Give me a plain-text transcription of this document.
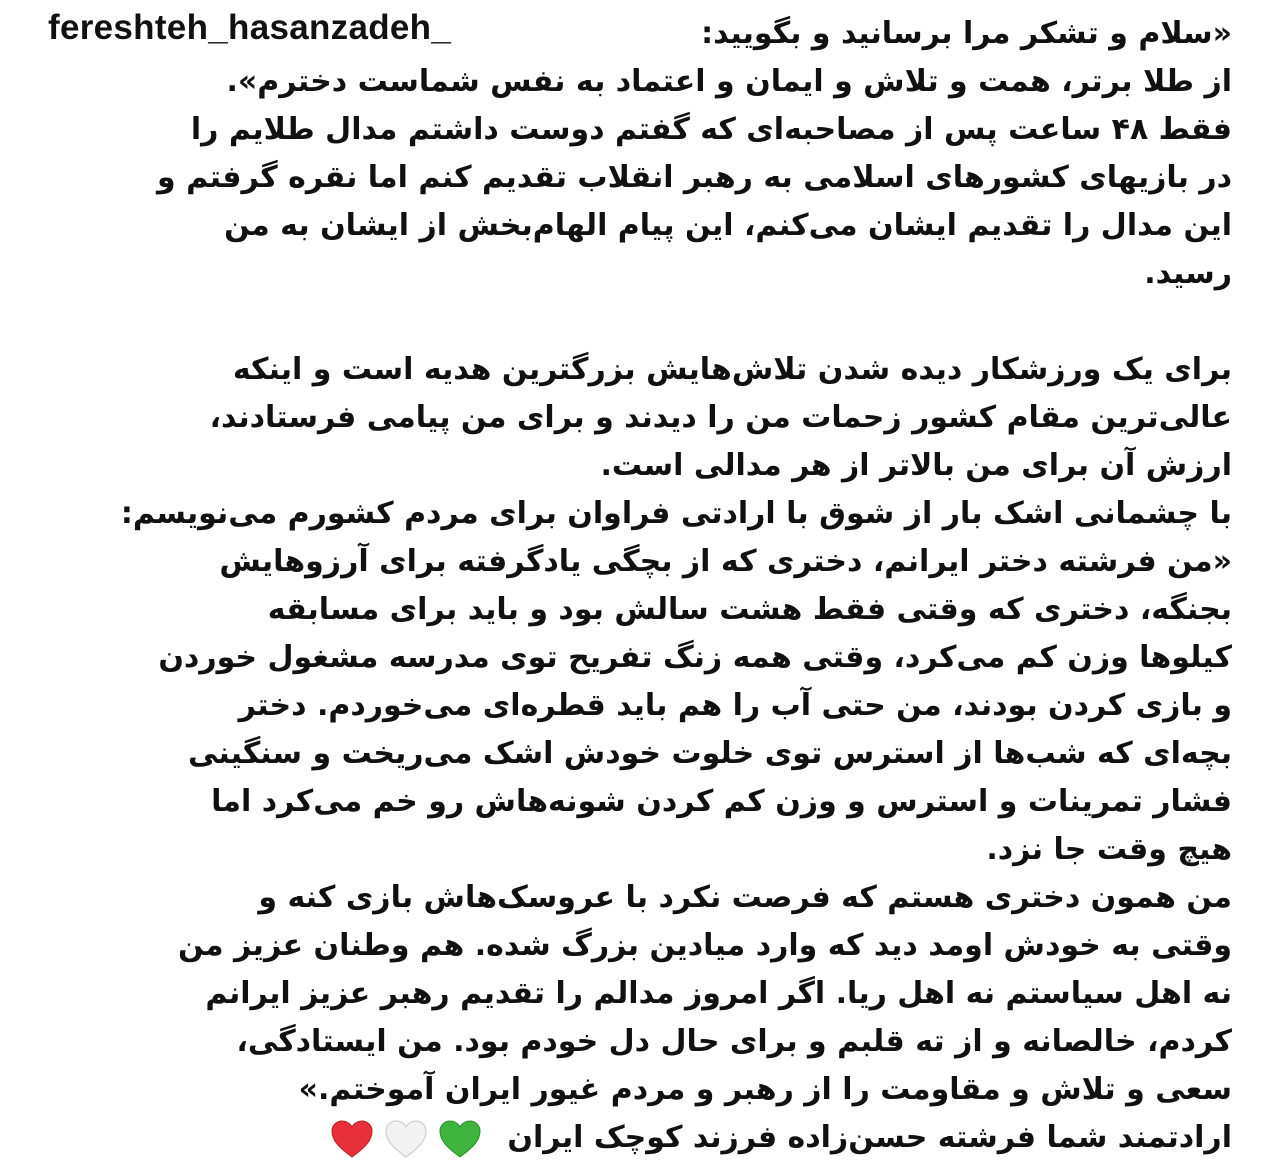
fereshteh_hasanzadeh_	«سلام و تشکر مرا برسانید و بگویید:
از طلا برتر، همت و تلاش و ایمان و اعتماد به نفس شماست دخترم».
فقط ۴۸ ساعت پس از مصاحبه‌ای که گفتم دوست داشتم مدال طلایم را
در بازیهای کشورهای اسلامی به رهبر انقلاب تقدیم کنم اما نقره گرفتم و
این مدال را تقدیم ایشان می‌کنم، این پیام الهام‌بخش از ایشان به من
رسید.
برای یک ورزشکار دیده شدن تلاش‌هایش بزرگترین هدیه است و اینکه
عالی‌ترین مقام کشور زحمات من را دیدند و برای من پیامی فرستادند،
ارزش آن برای من بالاتر از هر مدالی است.
با چشمانی اشک بار از شوق با ارادتی فراوان برای مردم کشورم می‌نویسم:
«من فرشته دختر ایرانم، دختری که از بچگی یادگرفته برای آرزوهایش
بجنگه، دختری که وقتی فقط هشت سالش بود و باید برای مسابقه
کیلوها وزن کم می‌کرد، وقتی همه زنگ تفریح توی مدرسه مشغول خوردن
و بازی کردن بودند، من حتی آب را هم باید قطره‌ای می‌خوردم. دختر
بچه‌ای که شب‌ها از استرس توی خلوت خودش اشک می‌ریخت و سنگینی
فشار تمرینات و استرس و وزن کم کردن شونه‌هاش رو خم می‌کرد اما
هیچ وقت جا نزد.
من همون دختری هستم که فرصت نکرد با عروسک‌هاش بازی کنه و
وقتی به خودش اومد دید که وارد میادین بزرگ شده. هم وطنان عزیز من
نه اهل سیاستم نه اهل ریا. اگر امروز مدالم را تقدیم رهبر عزیز ایرانم
کردم، خالصانه و از ته قلبم و برای حال دل خودم بود. من ایستادگی،
سعی و تلاش و مقاومت را از رهبر و مردم غیور ایران آموختم.»
ارادتمند شما فرشته حسن‌زاده فرزند کوچک ایران
